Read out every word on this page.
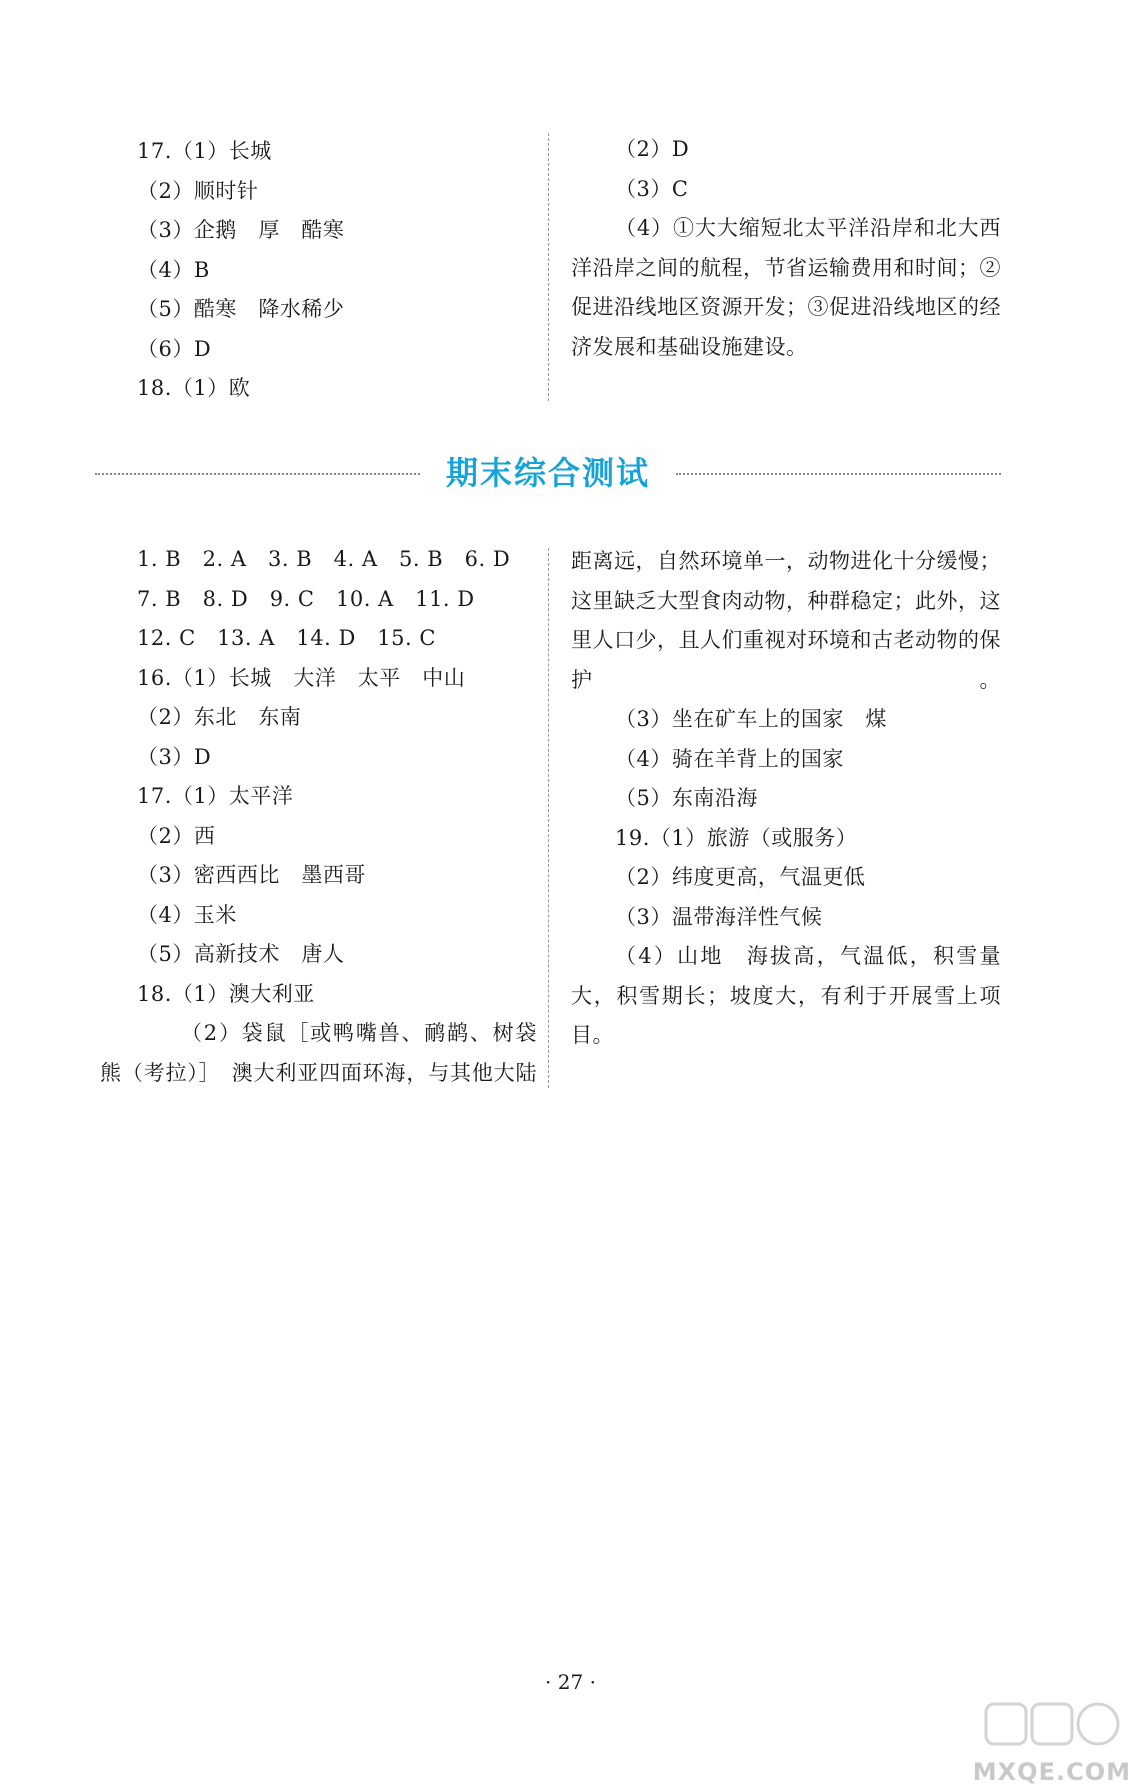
17.（1）长城
（2）顺时针
（3）企鹅　厚　酷寒
（4）B
（5）酷寒　降水稀少
（6）D
18.（1）欧
（2）D
（3）C
（4）①大大缩短北太平洋沿岸和北大西洋沿岸之间的航程，节省运输费用和时间；②促进沿线地区资源开发；③促进沿线地区的经济发展和基础设施建设。
期末综合测试
1. B　2. A　3. B　4. A　5. B　6. D
7. B　8. D　9. C　10. A　11. D
12. C　13. A　14. D　15. C
16.（1）长城　大洋　太平　中山
（2）东北　东南
（3）D
17.（1）太平洋
（2）西
（3）密西西比　墨西哥
（4）玉米
（5）高新技术　唐人
18.（1）澳大利亚
（2）袋鼠［或鸭嘴兽、鸸鹋、树袋熊（考拉）］　澳大利亚四面环海，与其他大陆
距离远，自然环境单一，动物进化十分缓慢；这里缺乏大型食肉动物，种群稳定；此外，这里人口少，且人们重视对环境和古老动物的保护。
（3）坐在矿车上的国家　煤
（4）骑在羊背上的国家
（5）东南沿海
19.（1）旅游（或服务）
（2）纬度更高，气温更低
（3）温带海洋性气候
（4）山地　海拔高，气温低，积雪量大，积雪期长；坡度大，有利于开展雪上项目。
· 27 ·
MXQE.COM
